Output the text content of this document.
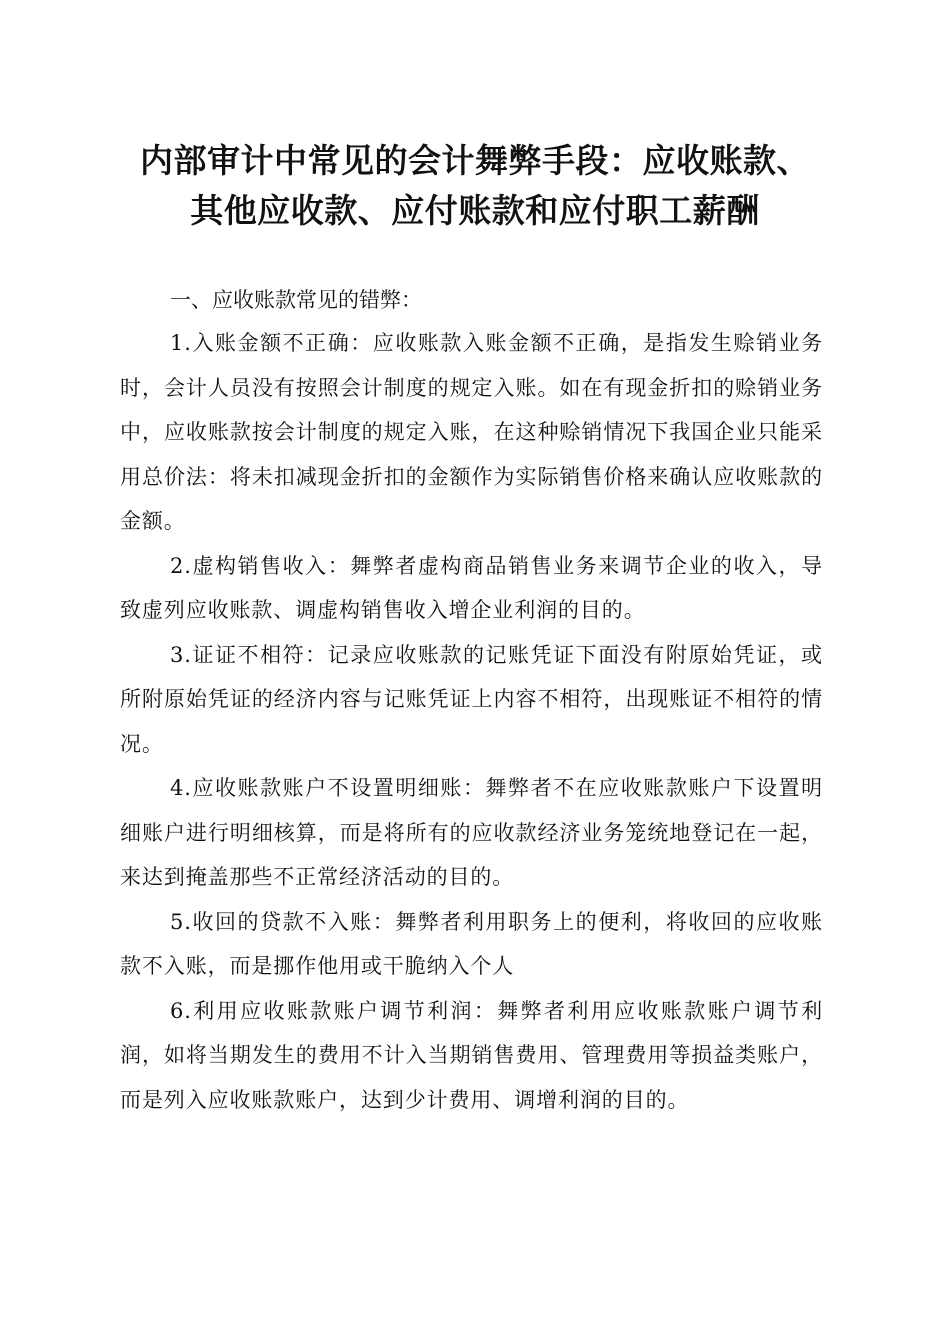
内部审计中常见的会计舞弊手段：应收账款、
其他应收款、应付账款和应付职工薪酬

一、应收账款常见的错弊：

1.入账金额不正确：应收账款入账金额不正确，是指发生赊销业务时，会计人员没有按照会计制度的规定入账。如在有现金折扣的赊销业务中，应收账款按会计制度的规定入账，在这种赊销情况下我国企业只能采用总价法：将未扣减现金折扣的金额作为实际销售价格来确认应收账款的金额。

2.虚构销售收入：舞弊者虚构商品销售业务来调节企业的收入，导致虚列应收账款、调虚构销售收入增企业利润的目的。

3.证证不相符：记录应收账款的记账凭证下面没有附原始凭证，或所附原始凭证的经济内容与记账凭证上内容不相符，出现账证不相符的情况。

4.应收账款账户不设置明细账：舞弊者不在应收账款账户下设置明细账户进行明细核算，而是将所有的应收款经济业务笼统地登记在一起，来达到掩盖那些不正常经济活动的目的。

5.收回的贷款不入账：舞弊者利用职务上的便利，将收回的应收账款不入账，而是挪作他用或干脆纳入个人

6.利用应收账款账户调节利润：舞弊者利用应收账款账户调节利润，如将当期发生的费用不计入当期销售费用、管理费用等损益类账户，而是列入应收账款账户，达到少计费用、调增利润的目的。
